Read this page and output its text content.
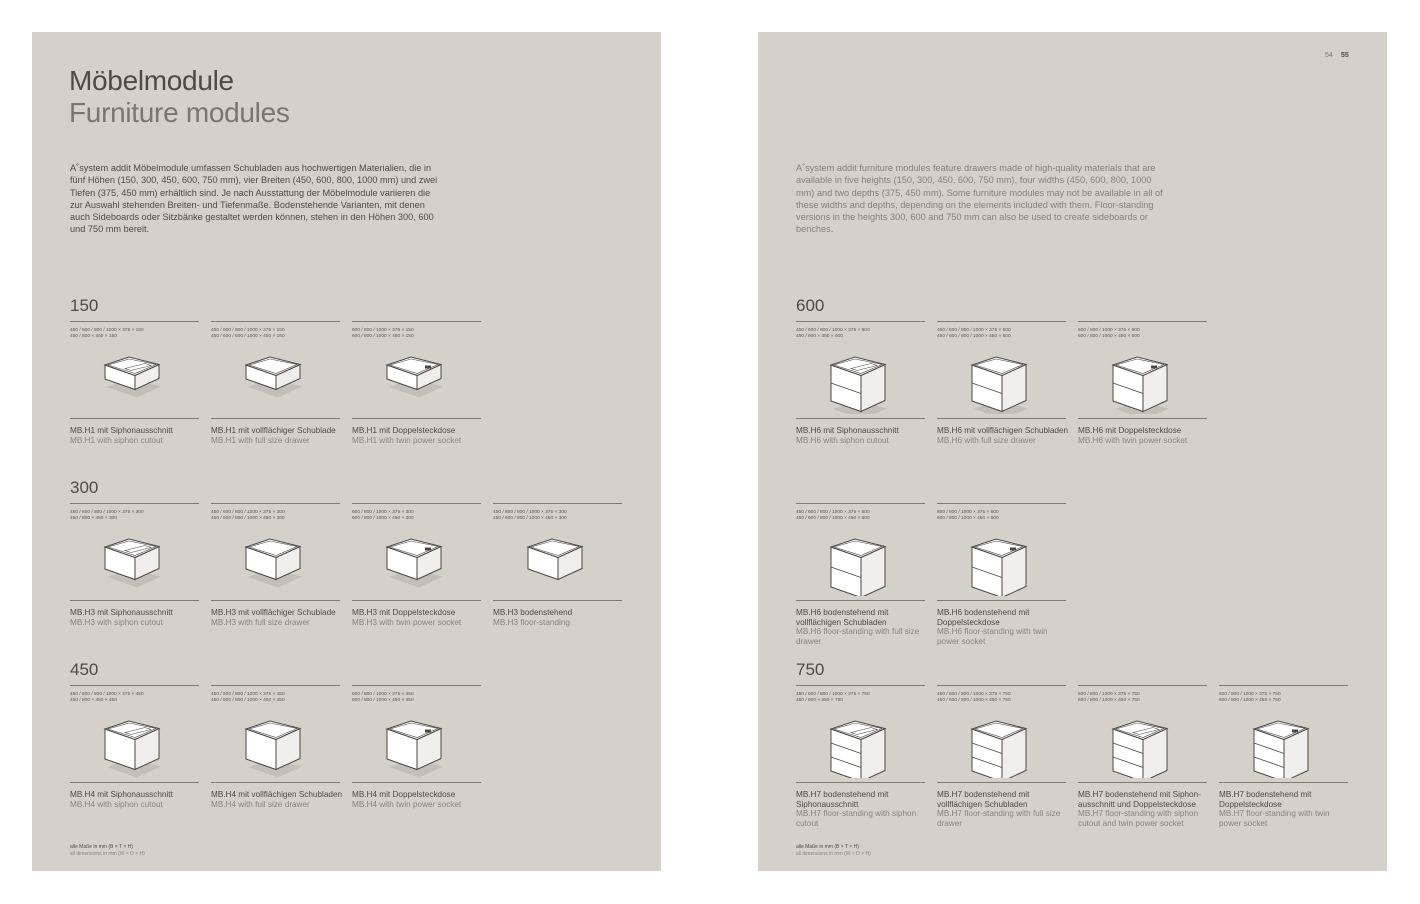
Möbelmodule
Furniture modules

A˚system addit Möbelmodule umfassen Schubladen aus hochwertigen Materialien, die in fünf Höhen (150, 300, 450, 600, 750 mm), vier Breiten (450, 600, 800, 1000 mm) und zwei Tiefen (375, 450 mm) erhältlich sind. Je nach Ausstattung der Möbelmodule variieren die zur Auswahl stehenden Breiten- und Tiefenmaße. Bodenstehende Varianten, mit denen auch Sideboards oder Sitzbänke gestaltet werden können, stehen in den Höhen 300, 600 und 750 mm bereit.

150
300
450
alle Maße in mm (B × T × H)
all dimensions in mm (W × D × H)
450 / 600 / 800 / 1000 × 375 × 150
450 / 800 × 450 × 150
MB.H1 mit Siphonausschnitt
MB.H1 with siphon cutout
450 / 600 / 800 / 1000 × 375 × 150
450 / 600 / 800 / 1000 × 450 × 150
MB.H1 mit vollflächiger Schublade
MB.H1 with full size drawer
600 / 800 / 1000 × 375 × 150
600 / 800 / 1000 × 450 × 150
MB.H1 mit Doppelsteckdose
MB.H1 with twin power socket
450 / 600 / 800 / 1000 × 375 × 300
450 / 800 × 450 × 300
MB.H3 mit Siphonausschnitt
MB.H3 with siphon cutout
450 / 600 / 800 / 1000 × 375 × 300
450 / 600 / 800 / 1000 × 450 × 300
MB.H3 mit vollflächiger Schublade
MB.H3 with full size drawer
600 / 800 / 1000 × 375 × 300
600 / 800 / 1000 × 450 × 300
MB.H3 mit Doppelsteckdose
MB.H3 with twin power socket
450 / 600 / 800 / 1000 × 375 × 300
450 / 600 / 800 / 1000 × 450 × 300
MB.H3 bodenstehend
MB.H3 floor-standing
450 / 600 / 800 / 1000 × 375 × 450
450 / 800 × 450 × 450
MB.H4 mit Siphonausschnitt
MB.H4 with siphon cutout
450 / 600 / 800 / 1000 × 375 × 450
450 / 600 / 800 / 1000 × 450 × 450
MB.H4 mit vollflächigen Schubladen
MB.H4 with full size drawer
600 / 800 / 1000 × 375 × 450
600 / 800 / 1000 × 450 × 450
MB.H4 mit Doppelsteckdose
MB.H4 with twin power socket
54 55

A˚system addit furniture modules feature drawers made of high-quality materials that are available in five heights (150, 300, 450, 600, 750 mm), four widths (450, 600, 800, 1000 mm) and two depths (375, 450 mm). Some furniture modules may not be available in all of these widths and depths, depending on the elements included with them. Floor-standing versions in the heights 300, 600 and 750 mm can also be used to create sideboards or benches.

600
750
alle Maße in mm (B × T × H)
all dimensions in mm (W × D × H)
450 / 600 / 800 / 1000 × 375 × 600
450 / 800 × 450 × 600
MB.H6 mit Siphonausschnitt
MB.H6 with siphon cutout
450 / 600 / 800 / 1000 × 375 × 600
450 / 600 / 800 / 1000 × 450 × 600
MB.H6 mit vollflächigen Schubladen
MB.H6 with full size drawer
600 / 800 / 1000 × 375 × 600
600 / 800 / 1000 × 450 × 600
MB.H6 mit Doppelsteckdose
MB.H6 with twin power socket
450 / 600 / 800 / 1000 × 375 × 600
450 / 600 / 800 / 1000 × 450 × 600
MB.H6 bodenstehend mit vollflächigen Schubladen
MB.H6 floor-standing with full size drawer
600 / 800 / 1000 × 375 × 600
600 / 800 / 1000 × 450 × 600
MB.H6 bodenstehend mit Doppelsteckdose
MB.H6 floor-standing with twin power socket
450 / 600 / 800 / 1000 × 375 × 750
450 / 800 × 450 × 750
MB.H7 bodenstehend mit Siphonausschnitt
MB.H7 floor-standing with siphon cutout
450 / 600 / 800 / 1000 × 375 × 750
450 / 600 / 800 / 1000 × 450 × 750
MB.H7 bodenstehend mit vollflächigen Schubladen
MB.H7 floor-standing with full size drawer
600 / 800 / 1000 × 375 × 750
600 / 800 / 1000 × 450 × 750
MB.H7 bodenstehend mit Siphon-ausschnitt und Doppelsteckdose
MB.H7 floor-standing with siphon cutout and twin power socket
600 / 800 / 1000 × 375 × 750
600 / 800 / 1000 × 450 × 750
MB.H7 bodenstehend mit Doppelsteckdose
MB.H7 floor-standing with twin power socket
